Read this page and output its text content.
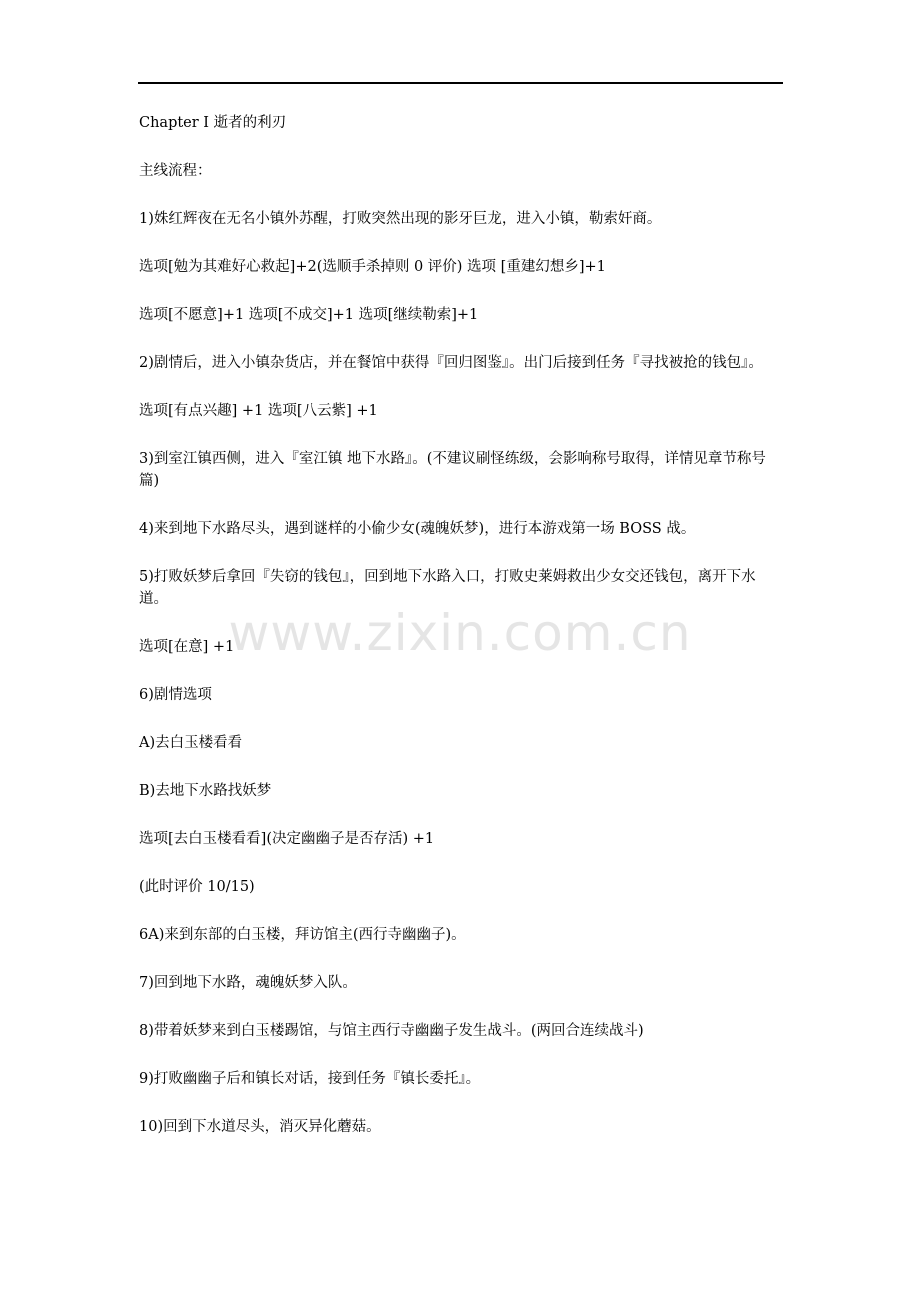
Chapter Ⅰ 逝者的利刃

主线流程：

1)姝红辉夜在无名小镇外苏醒，打败突然出现的影牙巨龙，进入小镇，勒索奸商。

选项[勉为其难好心救起]+2(选顺手杀掉则 0 评价) 选项 [重建幻想乡]+1

选项[不愿意]+1 选项[不成交]+1 选项[继续勒索]+1

2)剧情后，进入小镇杂货店，并在餐馆中获得『回归图鉴』。出门后接到任务『寻找被抢的钱包』。

选项[有点兴趣] +1 选项[八云紫] +1

3)到室江镇西侧，进入『室江镇 地下水路』。(不建议刷怪练级，会影响称号取得，详情见章节称号篇)

4)来到地下水路尽头，遇到谜样的小偷少女(魂魄妖梦)，进行本游戏第一场 BOSS 战。

5)打败妖梦后拿回『失窃的钱包』，回到地下水路入口，打败史莱姆救出少女交还钱包，离开下水道。

选项[在意] +1

6)剧情选项

A)去白玉楼看看

B)去地下水路找妖梦

选项[去白玉楼看看](决定幽幽子是否存活) +1

(此时评价 10/15)

6A)来到东部的白玉楼，拜访馆主(西行寺幽幽子)。

7)回到地下水路，魂魄妖梦入队。

8)带着妖梦来到白玉楼踢馆，与馆主西行寺幽幽子发生战斗。(两回合连续战斗)

9)打败幽幽子后和镇长对话，接到任务『镇长委托』。

10)回到下水道尽头，消灭异化蘑菇。

www.zixin.com.cn
